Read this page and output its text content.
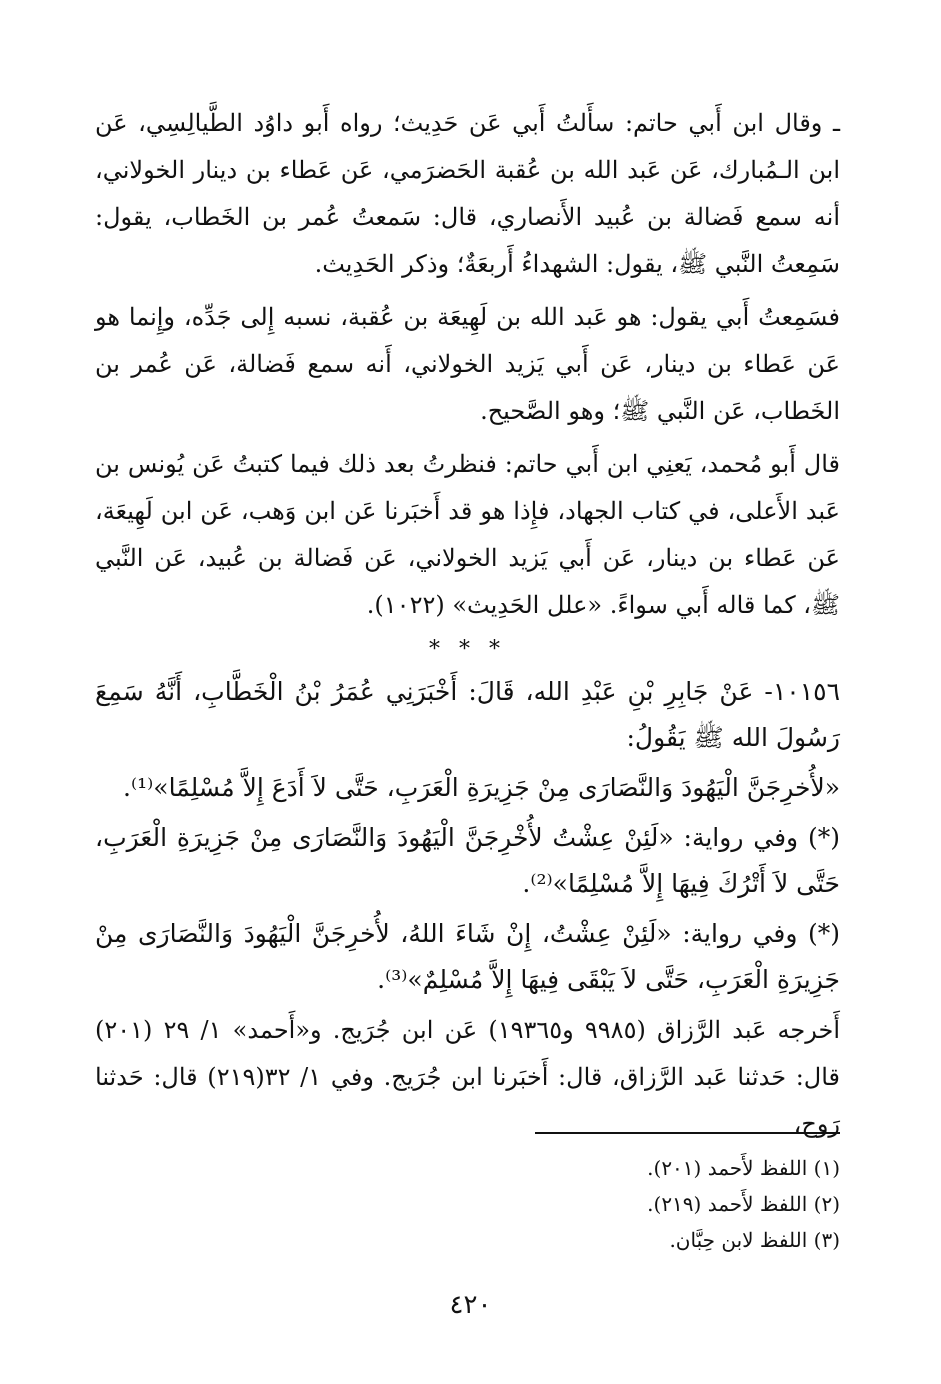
ـ وقال ابن أَبي حاتم: سأَلتُ أَبي عَن حَدِيث؛ رواه أَبو داوُد الطَّيالِسِي، عَن ابن الـمُبارك، عَن عَبد الله بن عُقبة الحَضرَمي، عَن عَطاء بن دينار الخولاني، أنه سمع فَضالة بن عُبيد الأَنصاري، قال: سَمعتُ عُمر بن الخَطاب، يقول: سَمِعتُ النَّبي ﷺ، يقول: الشهداءُ أَربعَةٌ؛ وذكر الحَدِيث.

فسَمِعتُ أَبي يقول: هو عَبد الله بن لَهِيعَة بن عُقبة، نسبه إِلى جَدِّه، وإِنما هو عَن عَطاء بن دينار، عَن أَبي يَزيد الخولاني، أَنه سمع فَضالة، عَن عُمر بن الخَطاب، عَن النَّبي ﷺ؛ وهو الصَّحيح.

قال أَبو مُحمد، يَعنِي ابن أَبي حاتم: فنظرتُ بعد ذلك فيما كتبتُ عَن يُونس بن عَبد الأَعلى، في كتاب الجهاد، فإِذا هو قد أَخبَرنا عَن ابن وَهب، عَن ابن لَهِيعَة، عَن عَطاء بن دينار، عَن أَبي يَزيد الخولاني، عَن فَضالة بن عُبيد، عَن النَّبي ﷺ، كما قاله أَبي سواءً. «علل الحَدِيث» (١٠٢٢).

* * *

١٠١٥٦- عَنْ جَابِرِ بْنِ عَبْدِ الله، قَالَ: أَخْبَرَنِي عُمَرُ بْنُ الْخَطَّابِ، أَنَّهُ سَمِعَ رَسُولَ الله ﷺ يَقُولُ:

«لأُخرِجَنَّ الْيَهُودَ وَالنَّصَارَى مِنْ جَزِيرَةِ الْعَرَبِ، حَتَّى لاَ أَدَعَ إِلاَّ مُسْلِمًا»⁽¹⁾.

(*) وفي رواية: «لَئِنْ عِشْتُ لأُخْرِجَنَّ الْيَهُودَ وَالنَّصَارَى مِنْ جَزِيرَةِ الْعَرَبِ، حَتَّى لاَ أَتْرُكَ فِيهَا إِلاَّ مُسْلِمًا»⁽²⁾.

(*) وفي رواية: «لَئِنْ عِشْتُ، إِنْ شَاءَ اللهُ، لأُخرِجَنَّ الْيَهُودَ وَالنَّصَارَى مِنْ جَزِيرَةِ الْعَرَبِ، حَتَّى لاَ يَبْقَى فِيهَا إِلاَّ مُسْلِمٌ»⁽³⁾.

أَخرجه عَبد الرَّزاق (٩٩٨٥ و١٩٣٦٥) عَن ابن جُرَيج. و«أَحمد» ١/ ٢٩ (٢٠١) قال: حَدثنا عَبد الرَّزاق، قال: أَخبَرنا ابن جُرَيج. وفي ١/ ٣٢(٢١٩) قال: حَدثنا رَوح،

(١) اللفظ لأَحمد (٢٠١).

(٢) اللفظ لأَحمد (٢١٩).

(٣) اللفظ لابن حِبَّان.

٤٢٠
